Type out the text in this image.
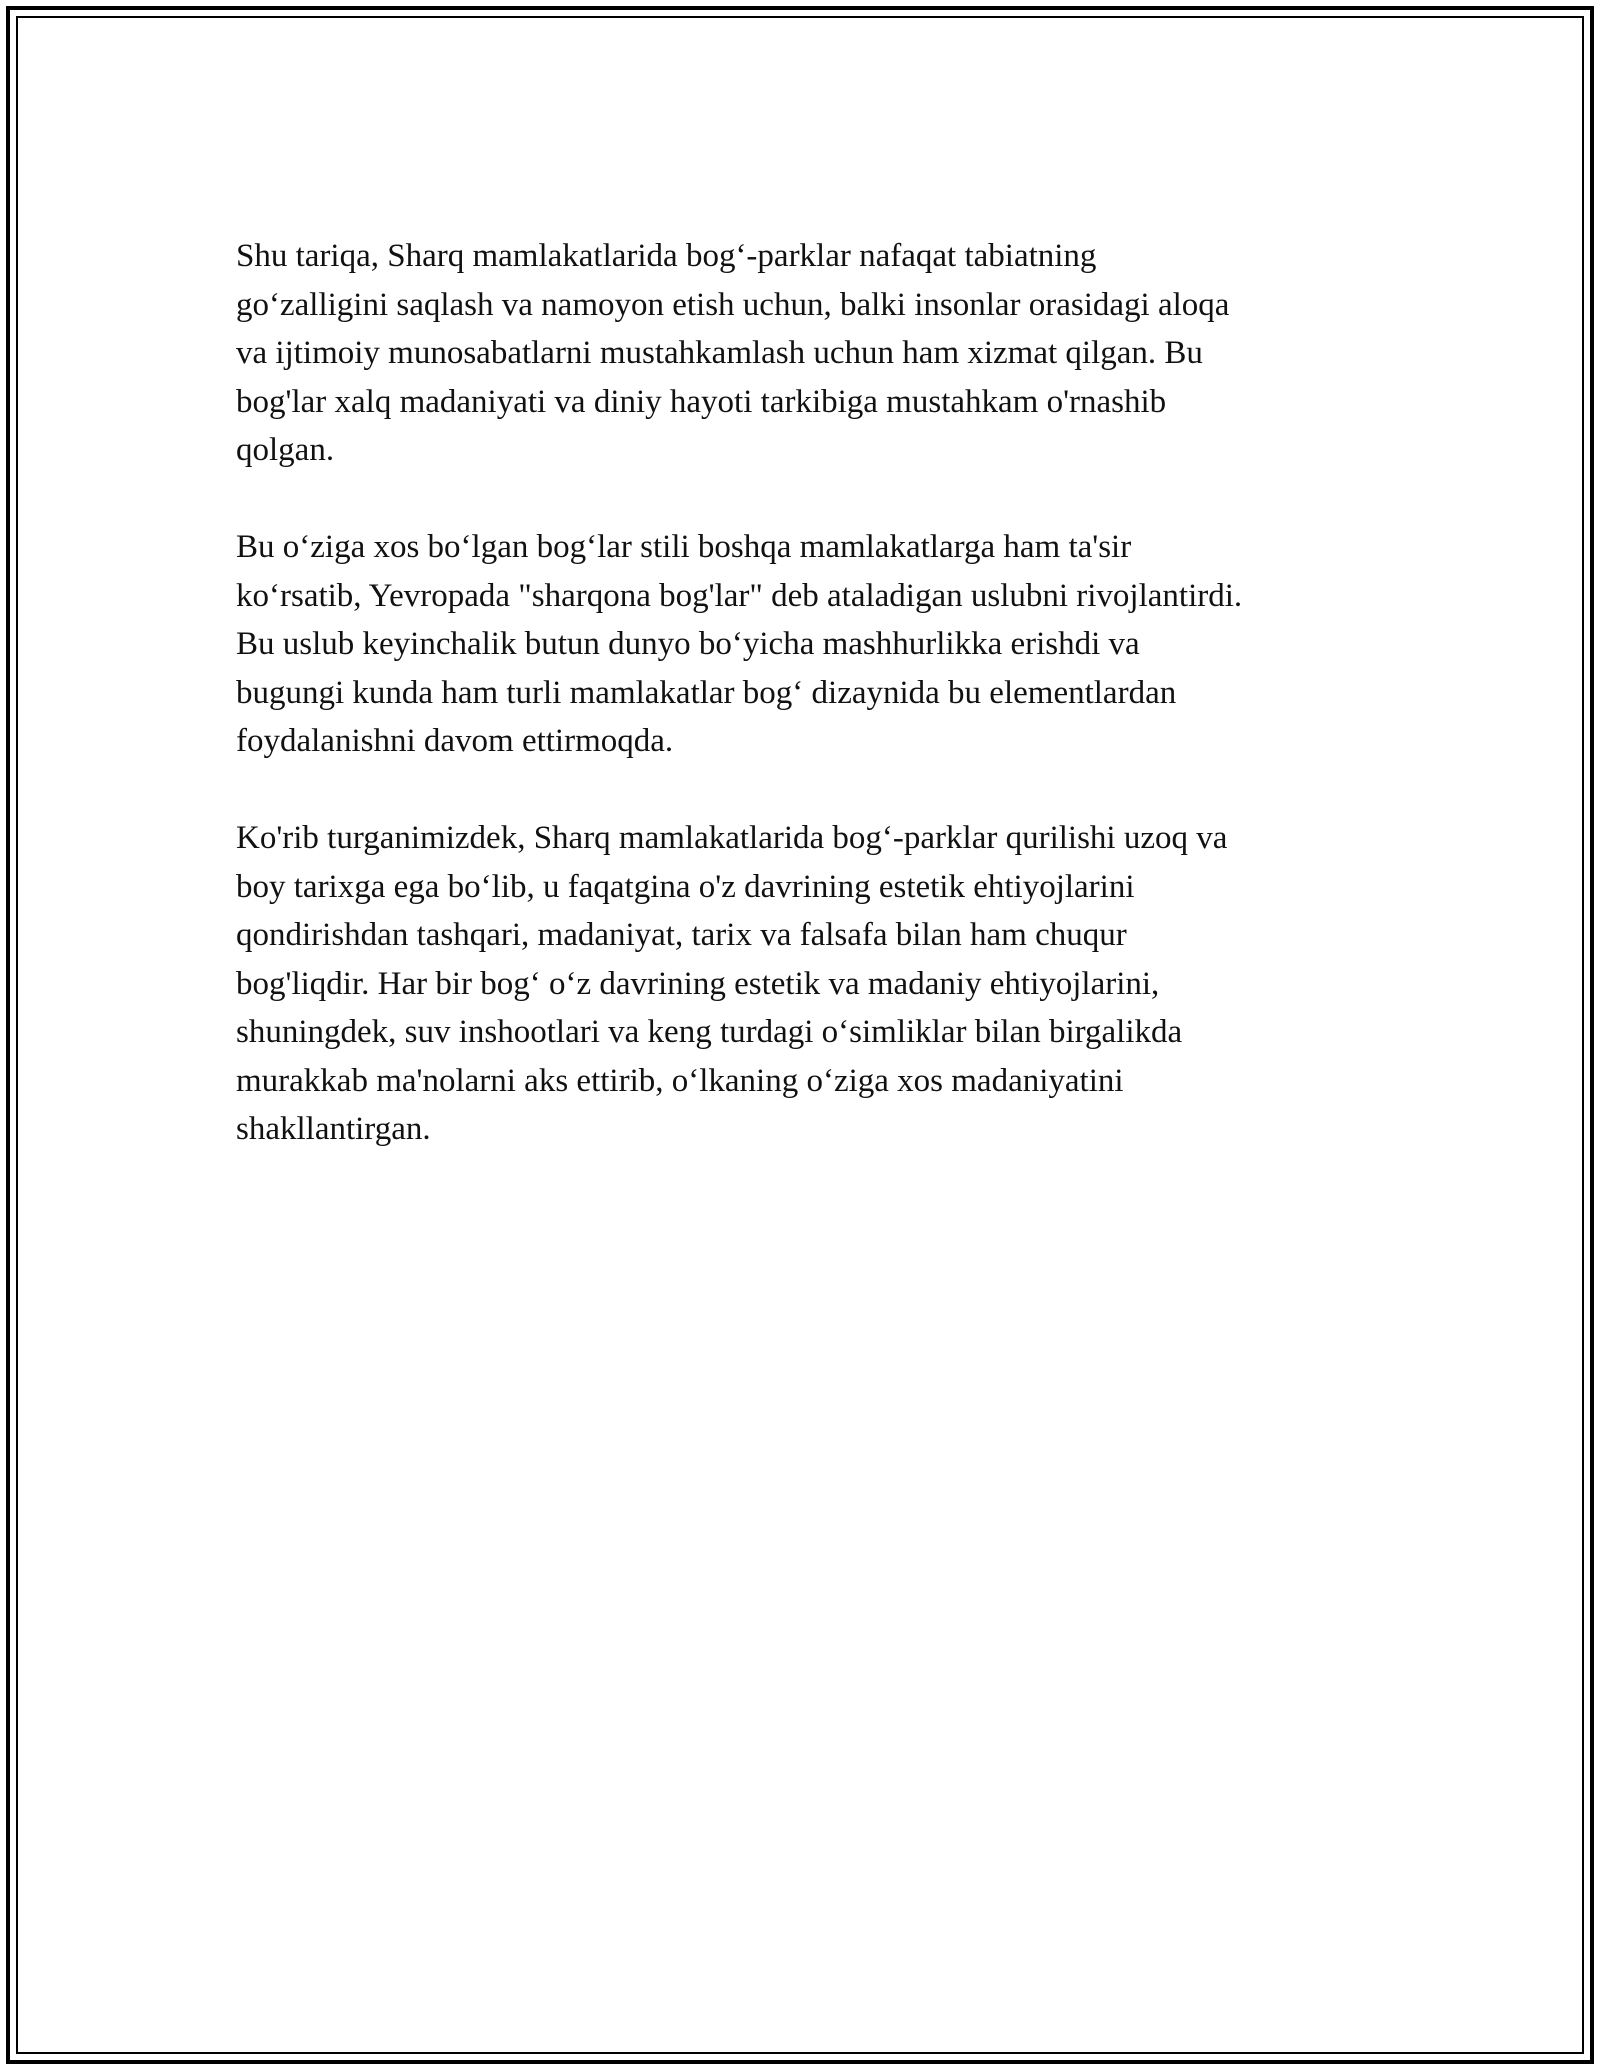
Shu tariqa, Sharq mamlakatlarida bog‘-parklar nafaqat tabiatning
go‘zalligini saqlash va namoyon etish uchun, balki insonlar orasidagi aloqa
va ijtimoiy munosabatlarni mustahkamlash uchun ham xizmat qilgan. Bu
bog'lar xalq madaniyati va diniy hayoti tarkibiga mustahkam o'rnashib
qolgan.

Bu o‘ziga xos bo‘lgan bog‘lar stili boshqa mamlakatlarga ham ta'sir
ko‘rsatib, Yevropada "sharqona bog'lar" deb ataladigan uslubni rivojlantirdi.
Bu uslub keyinchalik butun dunyo bo‘yicha mashhurlikka erishdi va
bugungi kunda ham turli mamlakatlar bog‘ dizaynida bu elementlardan
foydalanishni davom ettirmoqda.

Ko'rib turganimizdek, Sharq mamlakatlarida bog‘-parklar qurilishi uzoq va
boy tarixga ega bo‘lib, u faqatgina o'z davrining estetik ehtiyojlarini
qondirishdan tashqari, madaniyat, tarix va falsafa bilan ham chuqur
bog'liqdir. Har bir bog‘ o‘z davrining estetik va madaniy ehtiyojlarini,
shuningdek, suv inshootlari va keng turdagi o‘simliklar bilan birgalikda
murakkab ma'nolarni aks ettirib, o‘lkaning o‘ziga xos madaniyatini
shakllantirgan.
